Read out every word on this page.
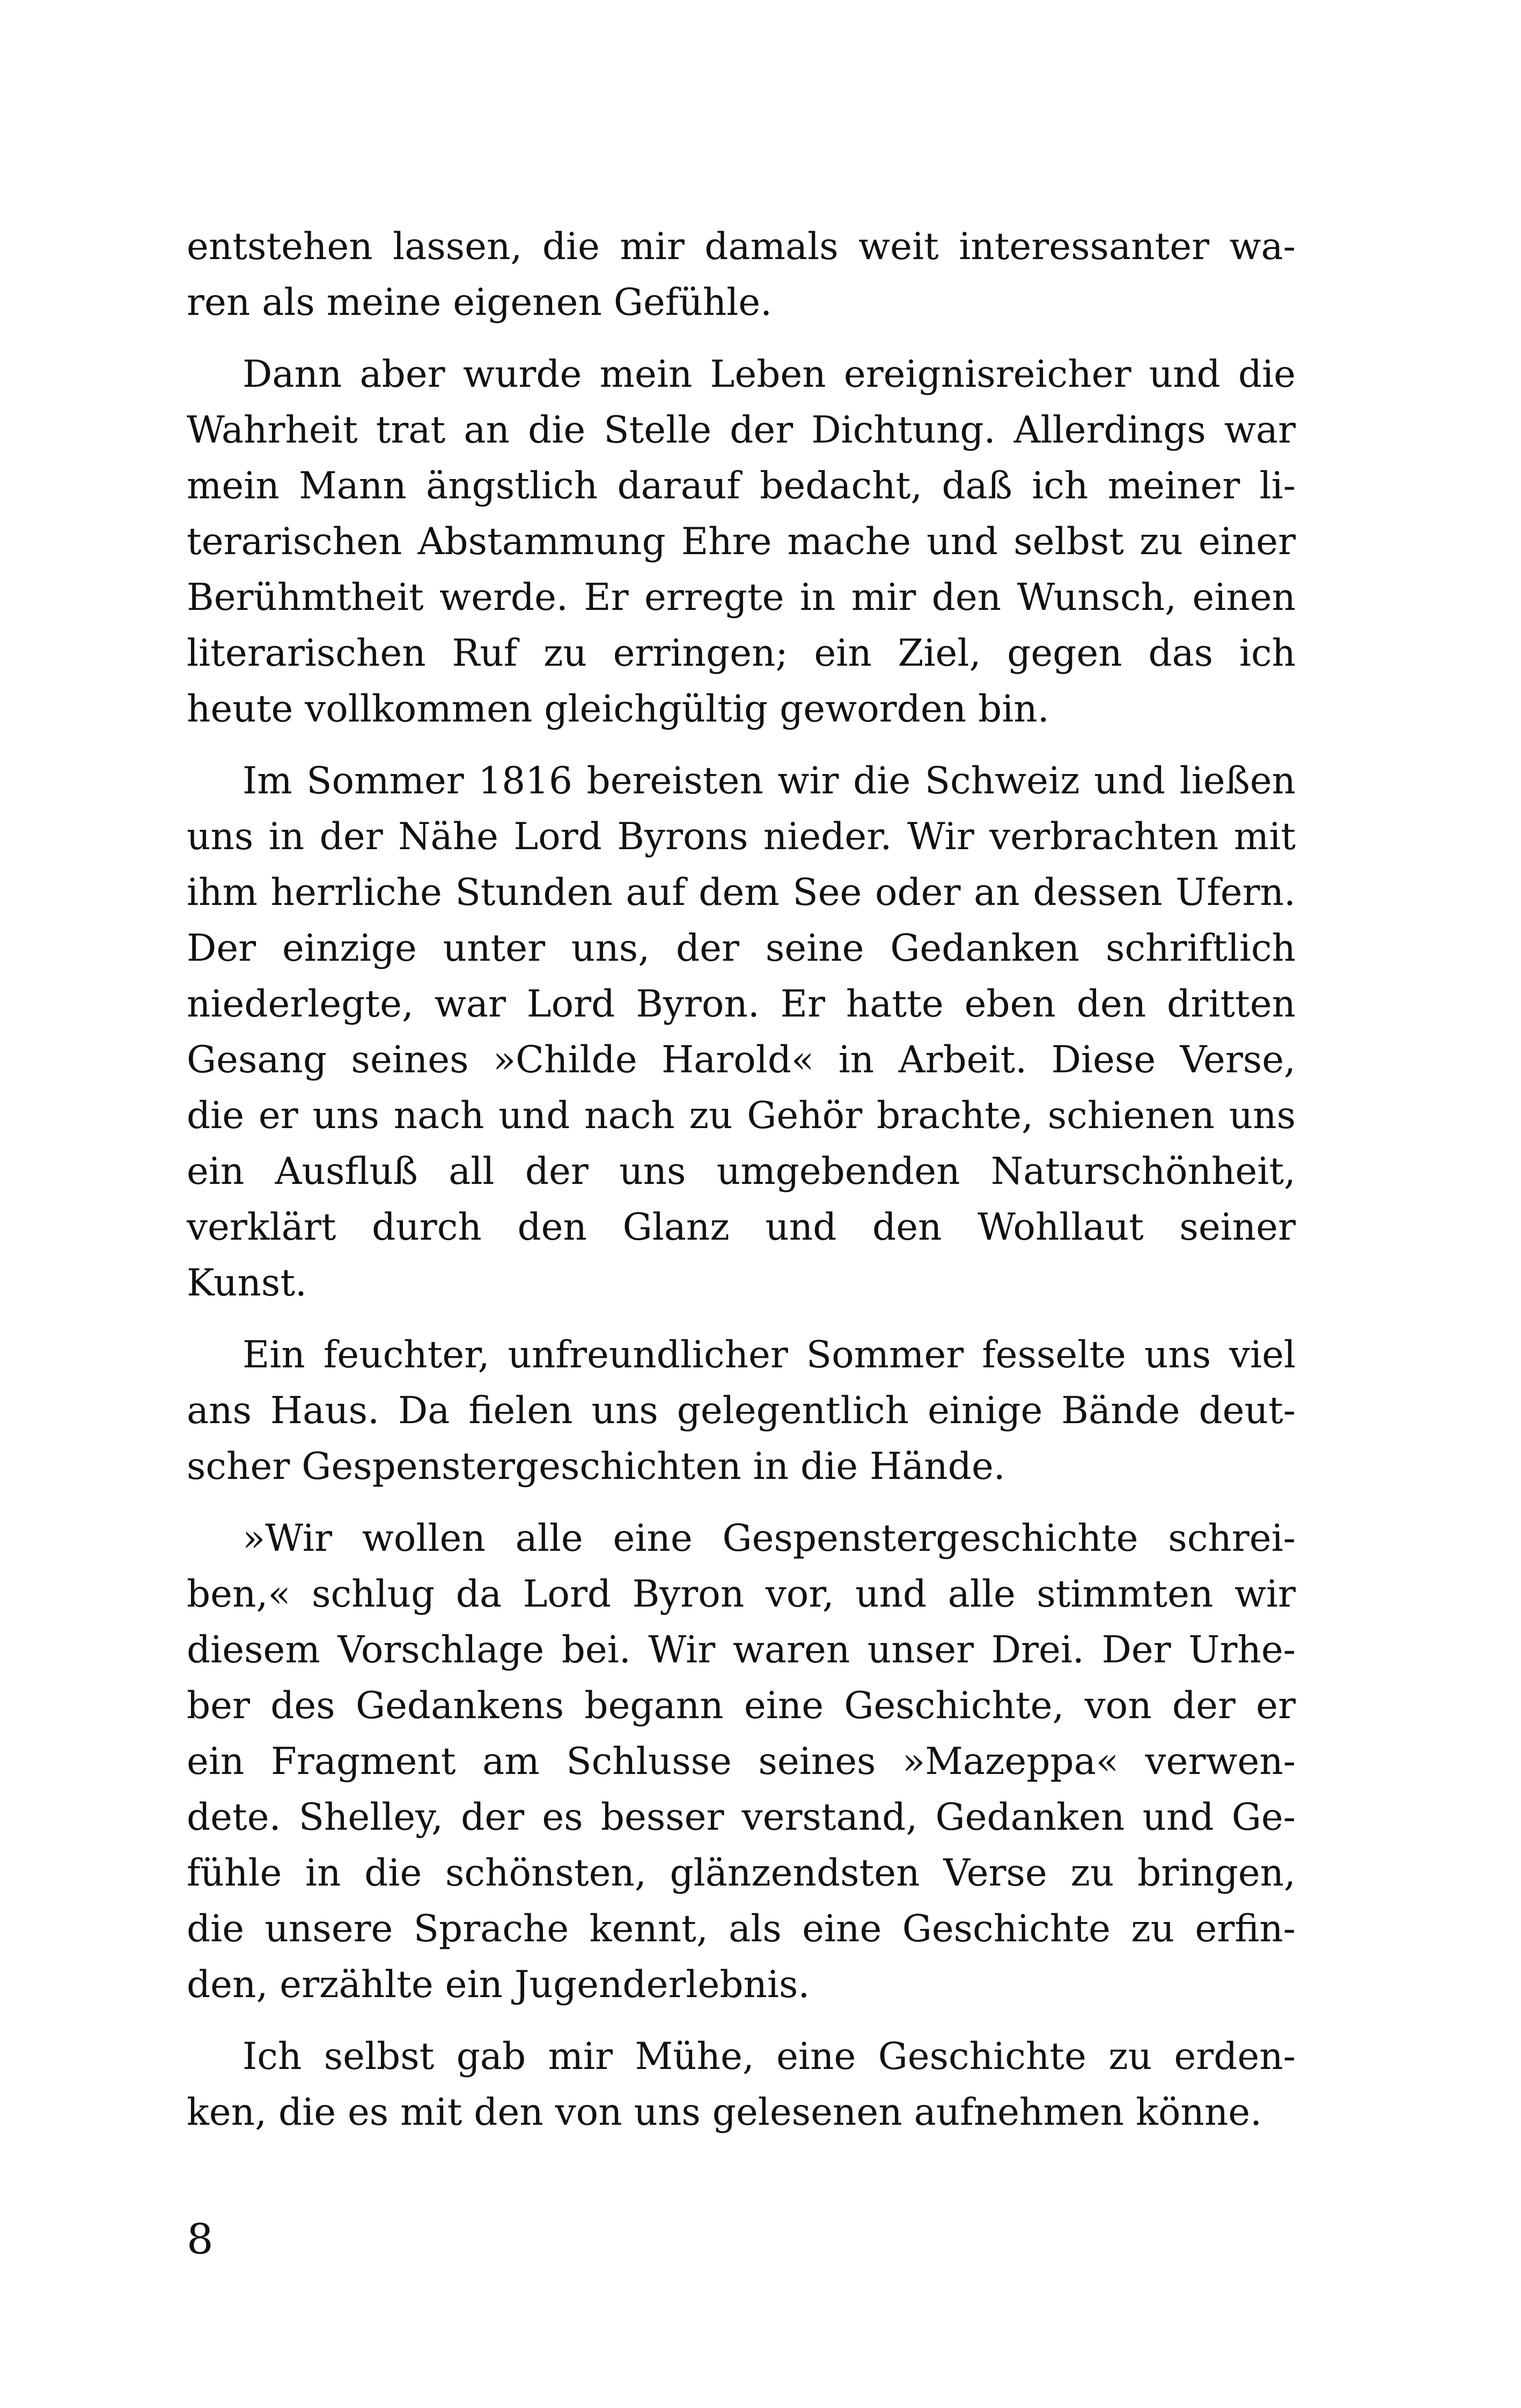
entstehen lassen, die mir damals weit interessanter wa-
ren als meine eigenen Gefühle.
Dann aber wurde mein Leben ereignisreicher und die
Wahrheit trat an die Stelle der Dichtung. Allerdings war
mein Mann ängstlich darauf bedacht, daß ich meiner li-
terarischen Abstammung Ehre mache und selbst zu einer
Berühmtheit werde. Er erregte in mir den Wunsch, einen
literarischen Ruf zu erringen; ein Ziel, gegen das ich
heute vollkommen gleichgültig geworden bin.
Im Sommer 1816 bereisten wir die Schweiz und ließen
uns in der Nähe Lord Byrons nieder. Wir verbrachten mit
ihm herrliche Stunden auf dem See oder an dessen Ufern.
Der einzige unter uns, der seine Gedanken schriftlich
niederlegte, war Lord Byron. Er hatte eben den dritten
Gesang seines »Childe Harold« in Arbeit. Diese Verse,
die er uns nach und nach zu Gehör brachte, schienen uns
ein Ausfluß all der uns umgebenden Naturschönheit,
verklärt durch den Glanz und den Wohllaut seiner
Kunst.
Ein feuchter, unfreundlicher Sommer fesselte uns viel
ans Haus. Da fielen uns gelegentlich einige Bände deut-
scher Gespenstergeschichten in die Hände.
»Wir wollen alle eine Gespenstergeschichte schrei-
ben,« schlug da Lord Byron vor, und alle stimmten wir
diesem Vorschlage bei. Wir waren unser Drei. Der Urhe-
ber des Gedankens begann eine Geschichte, von der er
ein Fragment am Schlusse seines »Mazeppa« verwen-
dete. Shelley, der es besser verstand, Gedanken und Ge-
fühle in die schönsten, glänzendsten Verse zu bringen,
die unsere Sprache kennt, als eine Geschichte zu erfin-
den, erzählte ein Jugenderlebnis.
Ich selbst gab mir Mühe, eine Geschichte zu erden-
ken, die es mit den von uns gelesenen aufnehmen könne.
8
